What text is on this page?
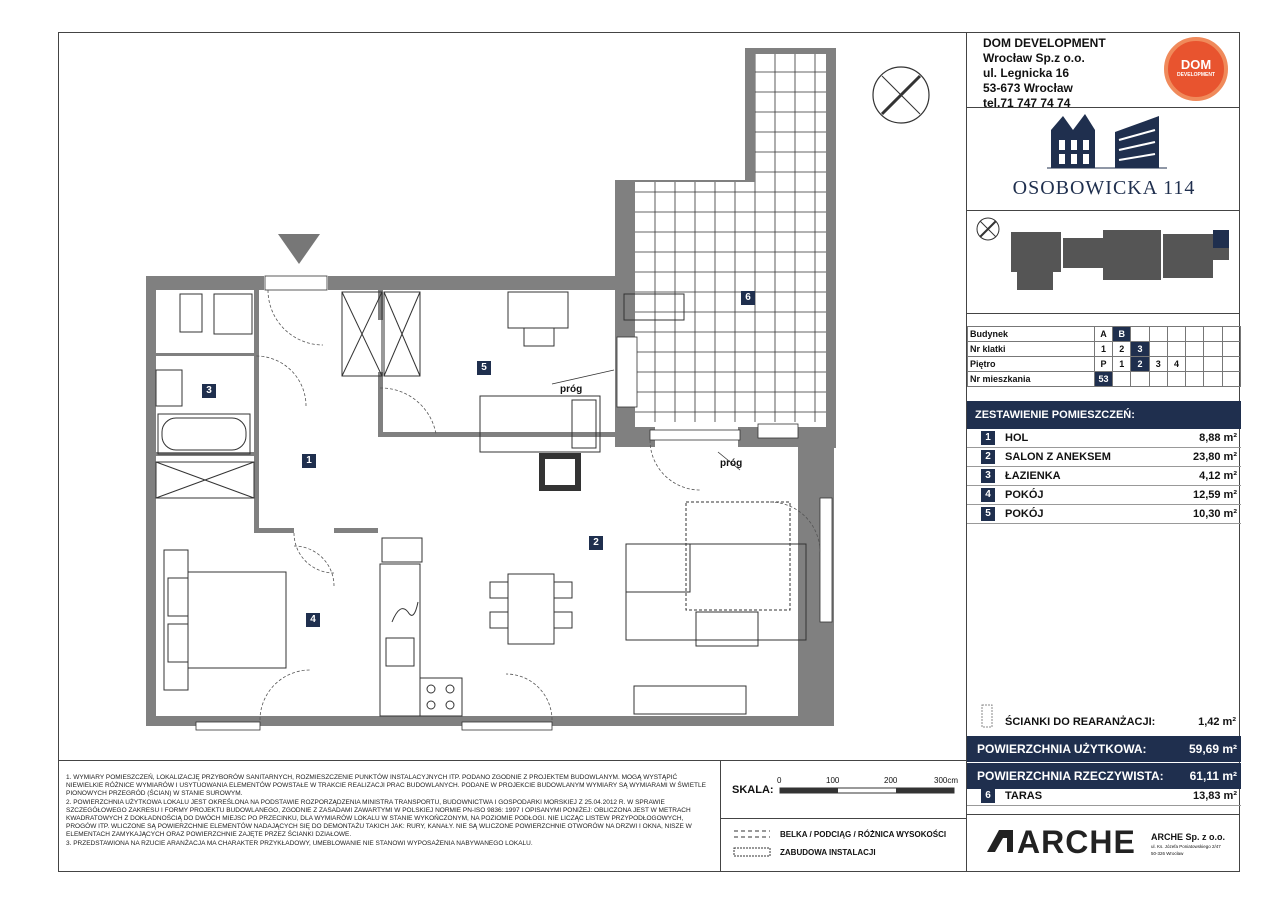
1
2
3
4
5
6
próg
próg
1. WYMIARY POMIESZCZEŃ, LOKALIZACJĘ PRZYBORÓW SANITARNYCH, ROZMIESZCZENIE PUNKTÓW INSTALACYJNYCH ITP. PODANO ZGODNIE Z PROJEKTEM BUDOWLANYM. MOGĄ WYSTĄPIĆ NIEWIELKIE RÓŻNICE WYMIARÓW I USYTUOWANIA ELEMENTÓW POWSTAŁE W TRAKCIE REALIZACJI PRAC BUDOWLANYCH. PODANE W PROJEKCIE BUDOWLANYM WYMIARY SĄ WYMIARAMI W ŚWIETLE PIONOWYCH PRZEGRÓD (ŚCIAN) W STANIE SUROWYM.
2. POWIERZCHNIA UŻYTKOWA LOKALU JEST OKREŚLONA NA PODSTAWIE ROZPORZĄDZENIA MINISTRA TRANSPORTU, BUDOWNICTWA I GOSPODARKI MORSKIEJ Z 25.04.2012 R. W SPRAWIE SZCZEGÓŁOWEGO ZAKRESU I FORMY PROJEKTU BUDOWLANEGO, ZGODNIE Z ZASADAMI ZAWARTYMI W POLSKIEJ NORMIE PN-ISO 9836: 1997 I OPISANYMI PONIŻEJ: OBLICZONA JEST W METRACH KWADRATOWYCH Z DOKŁADNOŚCIĄ DO DWÓCH MIEJSC PO PRZECINKU, DLA WYMIARÓW LOKALU W STANIE WYKOŃCZONYM, NA POZIOMIE PODŁOGI. NIE LICZĄC LISTEW PRZYPODŁOGOWYCH, PROGÓW ITP. WLICZONE SĄ POWIERZCHNIE ELEMENTÓW NADAJĄCYCH SIĘ DO DEMONTAŻU TAKICH JAK: RURY, KANAŁY. NIE SĄ WLICZONE POWIERZCHNIE OTWORÓW NA DRZWI I OKNA, NISZE W ELEMENTACH ZAMYKAJĄCYCH ORAZ POWIERZCHNIE ZAJĘTE PRZEZ ŚCIANKI DZIAŁOWE.
3. PRZEDSTAWIONA NA RZUCIE ARANŻACJA MA CHARAKTER PRZYKŁADOWY, UMEBLOWANIE NIE STANOWI WYPOSAŻENIA NABYWANEGO LOKALU.
SKALA:
0	100	200	300cm
BELKA / PODCIĄG / RÓŻNICA WYSOKOŚCI
ZABUDOWA INSTALACJI
DOM DEVELOPMENT
Wrocław Sp.z o.o.
ul. Legnicka 16
53-673 Wrocław
tel.71 747 74 74
DOM
DEVELOPMENT
OSOBOWICKA 114
Budynek	A	B						
Nr klatki	1	2	3					
Piętro	P	1	2	3	4			
Nr mieszkania	53							
ZESTAWIENIE POMIESZCZEŃ:
1	HOL	8,88 m²
2	SALON Z ANEKSEM	23,80 m²
3	ŁAZIENKA	4,12 m²
4	POKÓJ	12,59 m²
5	POKÓJ	10,30 m²
ŚCIANKI DO REARANŻACJI:	1,42 m²
POWIERZCHNIA UŻYTKOWA:	59,69 m²
POWIERZCHNIA RZECZYWISTA: 61,11 m²
6	TARAS	13,83 m²
ARCHE ARCHE Sp. z o.o.
ul. Ks. Józefa Poniatowskiego 2/47
50-326 Wrocław
